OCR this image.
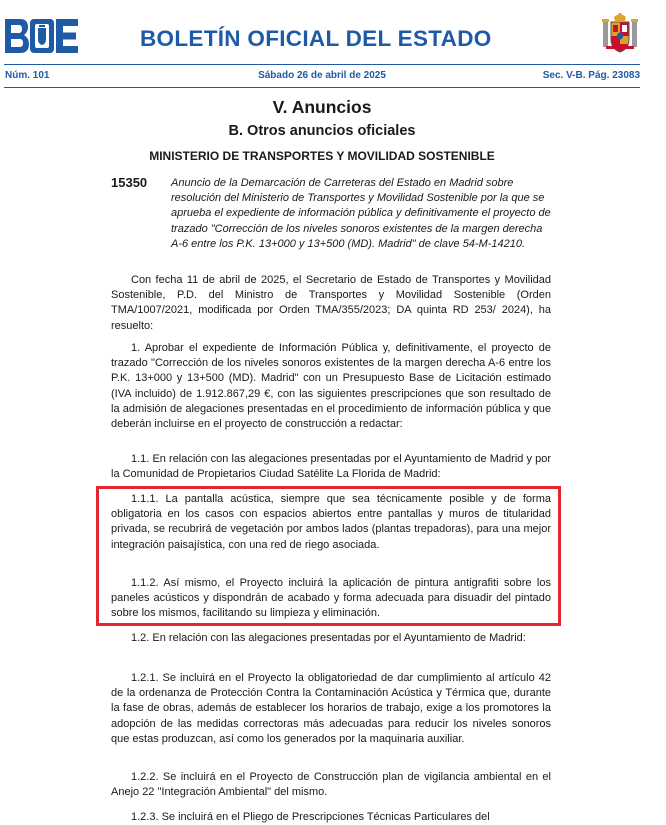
BOLETÍN OFICIAL DEL ESTADO
Núm. 101	Sábado 26 de abril de 2025	Sec. V-B. Pág. 23083
V. Anuncios
B. Otros anuncios oficiales
MINISTERIO DE TRANSPORTES Y MOVILIDAD SOSTENIBLE
15350 Anuncio de la Demarcación de Carreteras del Estado en Madrid sobre resolución del Ministerio de Transportes y Movilidad Sostenible por la que se aprueba el expediente de información pública y definitivamente el proyecto de trazado "Corrección de los niveles sonoros existentes de la margen derecha A-6 entre los P.K. 13+000 y 13+500 (MD). Madrid" de clave 54-M-14210.

Con fecha 11 de abril de 2025, el Secretario de Estado de Transportes y Movilidad Sostenible, P.D. del Ministro de Transportes y Movilidad Sostenible (Orden TMA/1007/2021, modificada por Orden TMA/355/2023; DA quinta RD 253/ 2024), ha resuelto:

1. Aprobar el expediente de Información Pública y, definitivamente, el proyecto de trazado "Corrección de los niveles sonoros existentes de la margen derecha A-6 entre los P.K. 13+000 y 13+500 (MD). Madrid" con un Presupuesto Base de Licitación estimado (IVA incluido) de 1.912.867,29 €, con las siguientes prescripciones que son resultado de la admisión de alegaciones presentadas en el procedimiento de información pública y que deberán incluirse en el proyecto de construcción a redactar:

1.1. En relación con las alegaciones presentadas por el Ayuntamiento de Madrid y por la Comunidad de Propietarios Ciudad Satélite La Florida de Madrid:

1.1.1. La pantalla acústica, siempre que sea técnicamente posible y de forma obligatoria en los casos con espacios abiertos entre pantallas y muros de titularidad privada, se recubrirá de vegetación por ambos lados (plantas trepadoras), para una mejor integración paisajística, con una red de riego asociada.

1.1.2. Así mismo, el Proyecto incluirá la aplicación de pintura antigrafiti sobre los paneles acústicos y dispondrán de acabado y forma adecuada para disuadir del pintado sobre los mismos, facilitando su limpieza y eliminación.

1.2. En relación con las alegaciones presentadas por el Ayuntamiento de Madrid:

1.2.1. Se incluirá en el Proyecto la obligatoriedad de dar cumplimiento al artículo 42 de la ordenanza de Protección Contra la Contaminación Acústica y Térmica que, durante la fase de obras, además de establecer los horarios de trabajo, exige a los promotores la adopción de las medidas correctoras más adecuadas para reducir los niveles sonoros que estas produzcan, así como los generados por la maquinaria auxiliar.

1.2.2. Se incluirá en el Proyecto de Construcción plan de vigilancia ambiental en el Anejo 22 "Integración Ambiental" del mismo.

1.2.3. Se incluirá en el Pliego de Prescripciones Técnicas Particulares del
